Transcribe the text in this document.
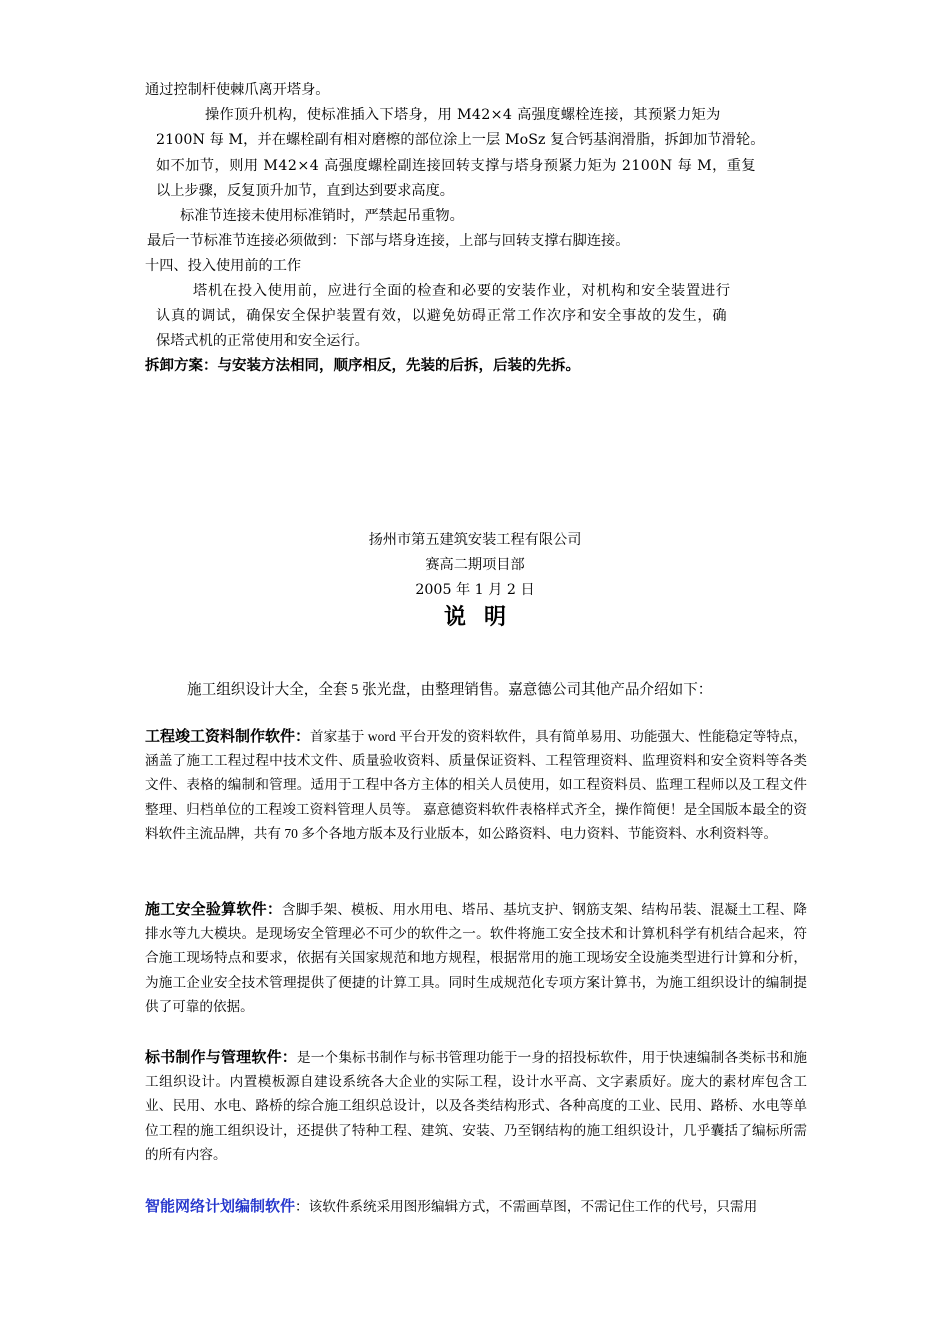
通过控制杆使棘爪离开塔身。
操作顶升机构，使标准插入下塔身，用 M42×4 高强度螺栓连接，其预紧力矩为
2100N 每 M，并在螺栓副有相对磨檫的部位涂上一层 MoSz 复合钙基润滑脂，拆卸加节滑轮。
如不加节，则用 M42×4 高强度螺栓副连接回转支撑与塔身预紧力矩为 2100N 每 M，重复
以上步骤，反复顶升加节，直到达到要求高度。
标准节连接未使用标准销时，严禁起吊重物。
最后一节标准节连接必须做到：下部与塔身连接，上部与回转支撑右脚连接。
十四、投入使用前的工作
塔机在投入使用前，应进行全面的检查和必要的安装作业，对机构和安全装置进行
认真的调试，确保安全保护装置有效，以避免妨碍正常工作次序和安全事故的发生，确
保塔式机的正常使用和安全运行。
拆卸方案：与安装方法相同，顺序相反，先装的后拆，后装的先拆。
扬州市第五建筑安装工程有限公司
赛高二期项目部
2005 年 1 月 2 日
说明
施工组织设计大全，全套 5 张光盘，由整理销售。嘉意德公司其他产品介绍如下：
工程竣工资料制作软件：首家基于 word 平台开发的资料软件，具有简单易用、功能强大、性能稳定等特点，涵盖了施工工程过程中技术文件、质量验收资料、质量保证资料、工程管理资料、监理资料和安全资料等各类文件、表格的编制和管理。适用于工程中各方主体的相关人员使用，如工程资料员、监理工程师以及工程文件整理、归档单位的工程竣工资料管理人员等。 嘉意德资料软件表格样式齐全，操作简便！是全国版本最全的资料软件主流品牌，共有 70 多个各地方版本及行业版本，如公路资料、电力资料、节能资料、水利资料等。
施工安全验算软件：含脚手架、模板、用水用电、塔吊、基坑支护、钢筋支架、结构吊装、混凝土工程、降排水等九大模块。是现场安全管理必不可少的软件之一。软件将施工安全技术和计算机科学有机结合起来，符合施工现场特点和要求，依据有关国家规范和地方规程，根据常用的施工现场安全设施类型进行计算和分析，为施工企业安全技术管理提供了便捷的计算工具。同时生成规范化专项方案计算书，为施工组织设计的编制提供了可靠的依据。
标书制作与管理软件：是一个集标书制作与标书管理功能于一身的招投标软件，用于快速编制各类标书和施工组织设计。内置模板源自建设系统各大企业的实际工程，设计水平高、文字素质好。庞大的素材库包含工业、民用、水电、路桥的综合施工组织总设计，以及各类结构形式、各种高度的工业、民用、路桥、水电等单位工程的施工组织设计，还提供了特种工程、建筑、安装、乃至钢结构的施工组织设计，几乎囊括了编标所需的所有内容。
智能网络计划编制软件：该软件系统采用图形编辑方式，不需画草图，不需记住工作的代号，只需用
